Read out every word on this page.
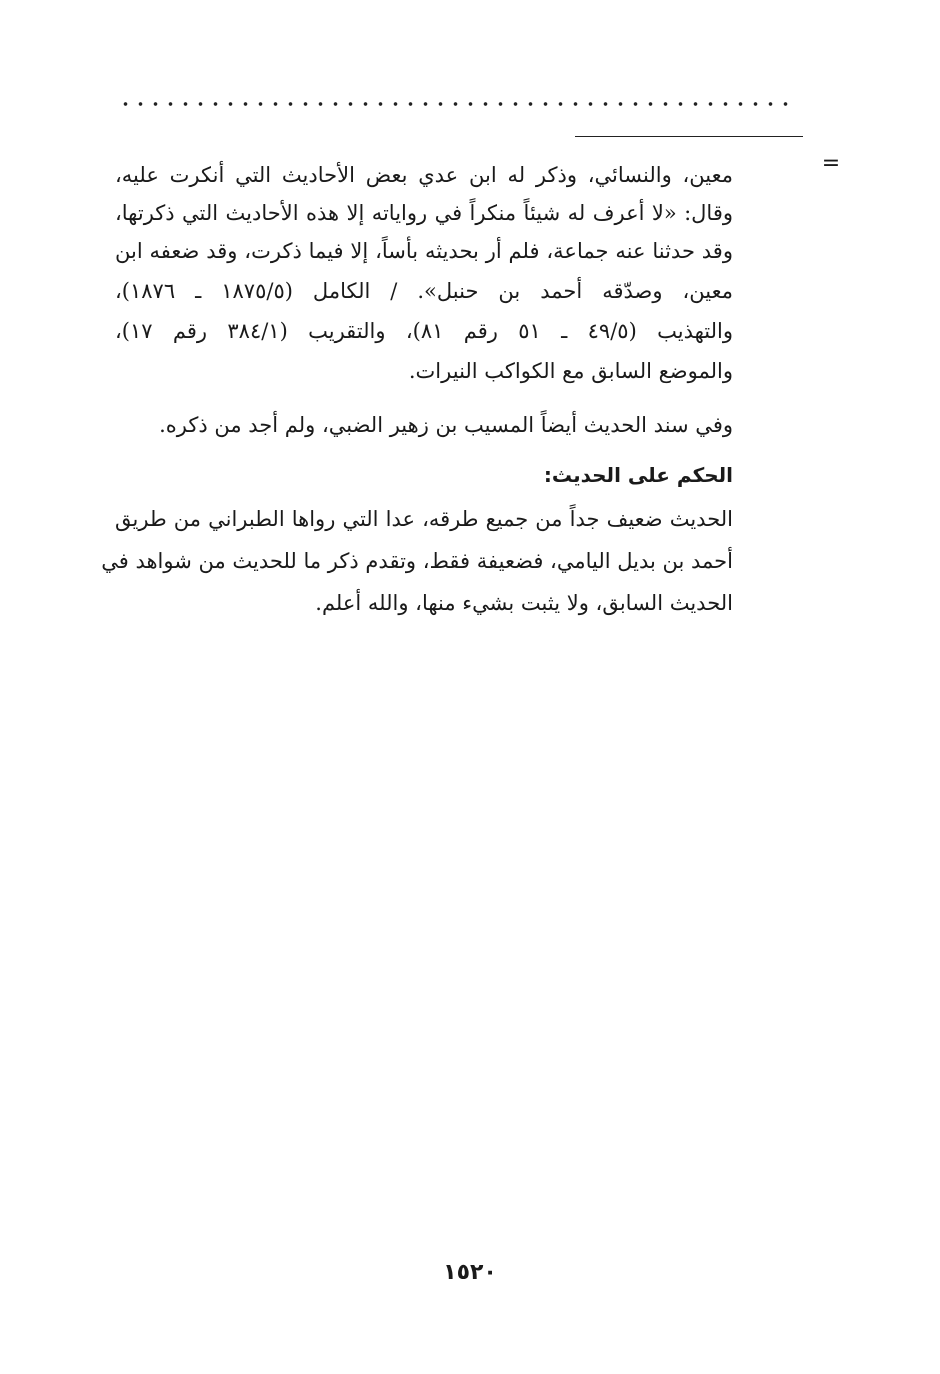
=
معين، والنسائي، وذكر له ابن عدي بعض الأحاديث التي أنكرت عليه،
وقال: «لا أعرف له شيئاً منكراً في رواياته إلا هذه الأحاديث التي ذكرتها،
وقد حدثنا عنه جماعة، فلم أر بحديثه بأساً، إلا فيما ذكرت، وقد ضعفه ابن
معين، وصدّقه أحمد بن حنبل». / الكامل (١٨٧٥/٥ ـ ١٨٧٦)،
والتهذيب (٤٩/٥ ـ ٥١ رقم ٨١)، والتقريب (٣٨٤/١ رقم ١٧)،
والموضع السابق مع الكواكب النيرات.
وفي سند الحديث أيضاً المسيب بن زهير الضبي، ولم أجد من ذكره.
الحكم على الحديث:
الحديث ضعيف جداً من جميع طرقه، عدا التي رواها الطبراني من طريق
أحمد بن بديل اليامي، فضعيفة فقط، وتقدم ذكر ما للحديث من شواهد في
الحديث السابق، ولا يثبت بشيء منها، والله أعلم.
١٥٢٠
